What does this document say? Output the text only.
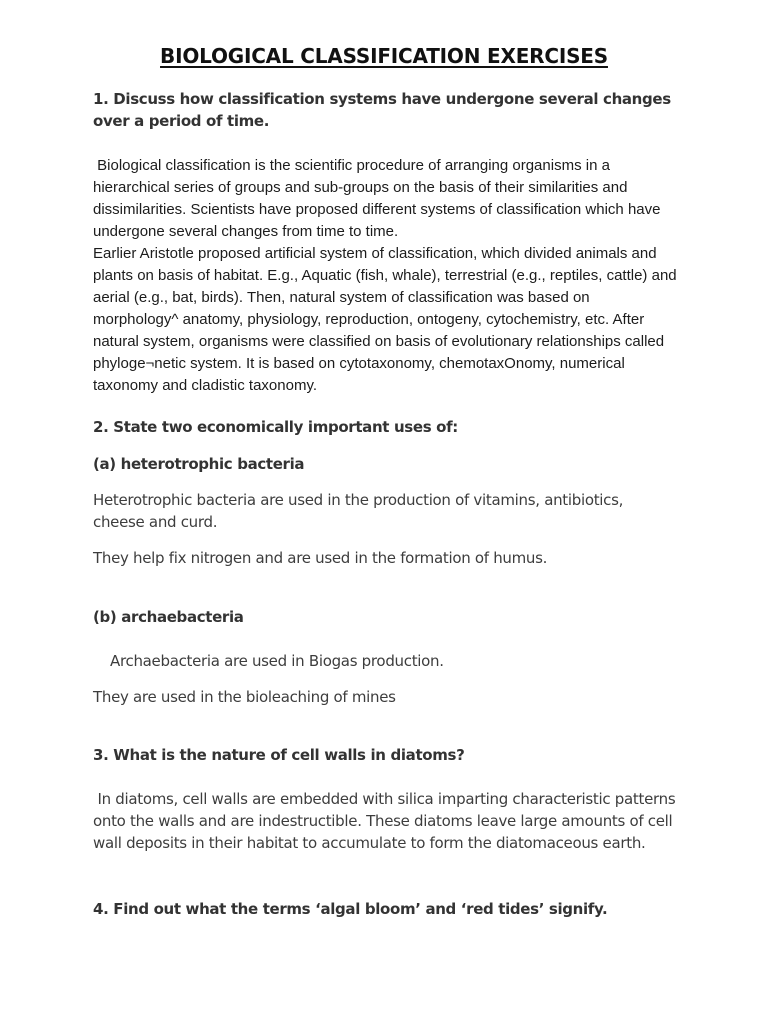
BIOLOGICAL CLASSIFICATION EXERCISES

1. Discuss how classification systems have undergone several changes over a period of time.

Biological classification is the scientific procedure of arranging organisms in a hierarchical series of groups and sub-groups on the basis of their similarities and dissimilarities. Scientists have proposed different systems of classification which have undergone several changes from time to time.
Earlier Aristotle proposed artificial system of classification, which divided animals and plants on basis of habitat. E.g., Aquatic (fish, whale), terrestrial (e.g., reptiles, cattle) and aerial (e.g., bat, birds). Then, natural system of classification was based on morphology^ anatomy, physiology, reproduction, ontogeny, cytochemistry, etc. After natural system, organisms were classified on basis of evolutionary relationships called phyloge¬netic system. It is based on cytotaxonomy, chemotaxOnomy, numerical taxonomy and cladistic taxonomy.

2. State two economically important uses of:

(a) heterotrophic bacteria

Heterotrophic bacteria are used in the production of vitamins, antibiotics, cheese and curd.

They help fix nitrogen and are used in the formation of humus.

(b) archaebacteria

Archaebacteria are used in Biogas production.

They are used in the bioleaching of mines

3. What is the nature of cell walls in diatoms?

In diatoms, cell walls are embedded with silica imparting characteristic patterns onto the walls and are indestructible. These diatoms leave large amounts of cell wall deposits in their habitat to accumulate to form the diatomaceous earth.

4. Find out what the terms ‘algal bloom’ and ‘red tides’ signify.
